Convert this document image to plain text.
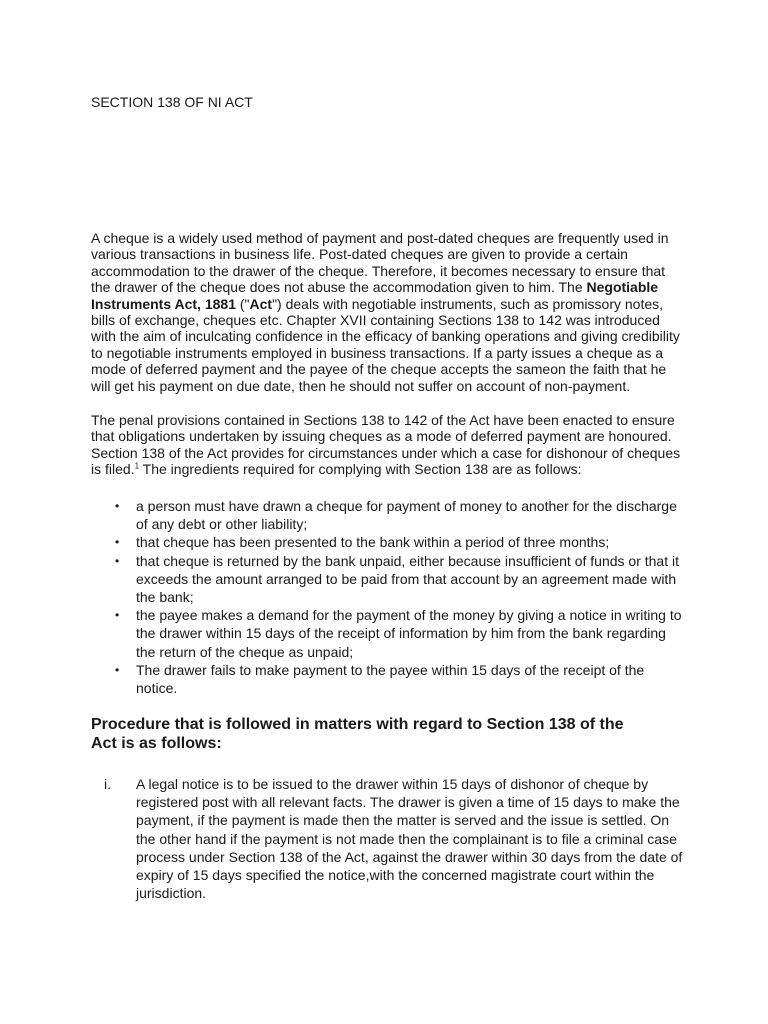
SECTION 138 OF NI ACT

A cheque is a widely used method of payment and post-dated cheques are frequently used in various transactions in business life. Post-dated cheques are given to provide a certain accommodation to the drawer of the cheque. Therefore, it becomes necessary to ensure that the drawer of the cheque does not abuse the accommodation given to him. The Negotiable Instruments Act, 1881 ("Act") deals with negotiable instruments, such as promissory notes, bills of exchange, cheques etc. Chapter XVII containing Sections 138 to 142 was introduced with the aim of inculcating confidence in the efficacy of banking operations and giving credibility to negotiable instruments employed in business transactions. If a party issues a cheque as a mode of deferred payment and the payee of the cheque accepts the sameon the faith that he will get his payment on due date, then he should not suffer on account of non-payment.

The penal provisions contained in Sections 138 to 142 of the Act have been enacted to ensure that obligations undertaken by issuing cheques as a mode of deferred payment are honoured. Section 138 of the Act provides for circumstances under which a case for dishonour of cheques is filed.$^1$ The ingredients required for complying with Section 138 are as follows:

• a person must have drawn a cheque for payment of money to another for the discharge of any debt or other liability;
• that cheque has been presented to the bank within a period of three months;
• that cheque is returned by the bank unpaid, either because insufficient of funds or that it exceeds the amount arranged to be paid from that account by an agreement made with the bank;
• the payee makes a demand for the payment of the money by giving a notice in writing to the drawer within 15 days of the receipt of information by him from the bank regarding the return of the cheque as unpaid;
• The drawer fails to make payment to the payee within 15 days of the receipt of the notice.
Procedure that is followed in matters with regard to Section 138 of the Act is as follows:
i. A legal notice is to be issued to the drawer within 15 days of dishonor of cheque by registered post with all relevant facts. The drawer is given a time of 15 days to make the payment, if the payment is made then the matter is served and the issue is settled. On the other hand if the payment is not made then the complainant is to file a criminal case process under Section 138 of the Act, against the drawer within 30 days from the date of expiry of 15 days specified the notice,with the concerned magistrate court within the jurisdiction.
